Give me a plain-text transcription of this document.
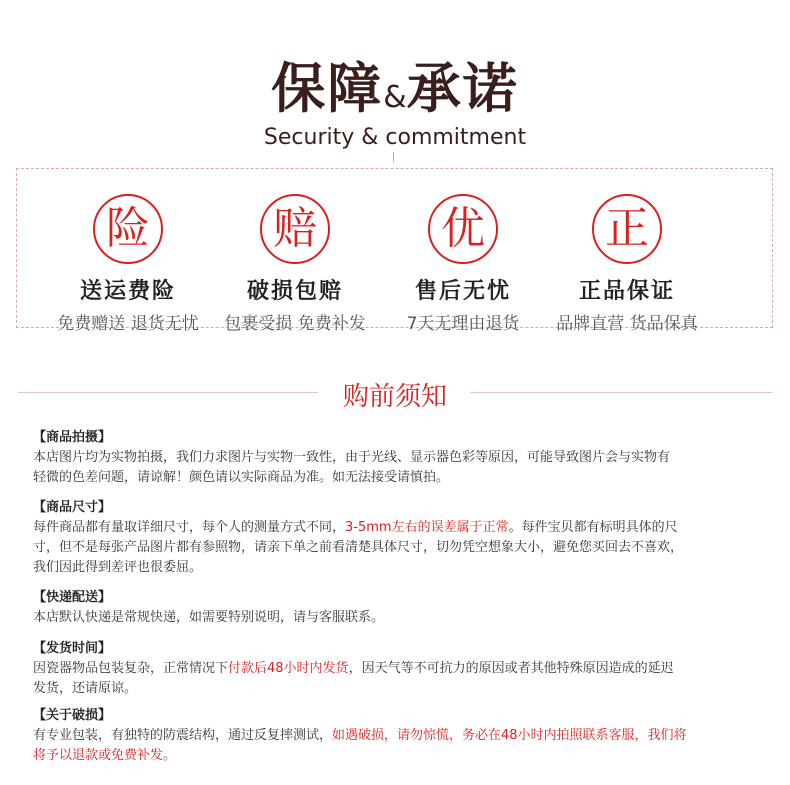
保障&承诺
Security & commitment
险
送运费险
免费赠送 退货无忧
赔
破损包赔
包裹受损 免费补发
优
售后无忧
7天无理由退货
正
正品保证
品牌直营 货品保真
购前须知
【商品拍摄】
本店图片均为实物拍摄，我们力求图片与实物一致性，由于光线、显示器色彩等原因，可能导致图片会与实物有
轻微的色差问题，请谅解！颜色请以实际商品为准。如无法接受请慎拍。
【商品尺寸】
每件商品都有量取详细尺寸，每个人的测量方式不同，3-5mm左右的误差属于正常。每件宝贝都有标明具体的尺
寸，但不是每张产品图片都有参照物，请亲下单之前看清楚具体尺寸，切勿凭空想象大小，避免您买回去不喜欢，
我们因此得到差评也很委屈。
【快递配送】
本店默认快递是常规快递，如需要特别说明，请与客服联系。
【发货时间】
因瓷器物品包装复杂，正常情况下付款后48小时内发货，因天气等不可抗力的原因或者其他特殊原因造成的延迟
发货，还请原谅。
【关于破损】
有专业包装，有独特的防震结构，通过反复摔测试，如遇破损，请勿惊慌，务必在48小时内拍照联系客服，我们将
将予以退款或免费补发。
